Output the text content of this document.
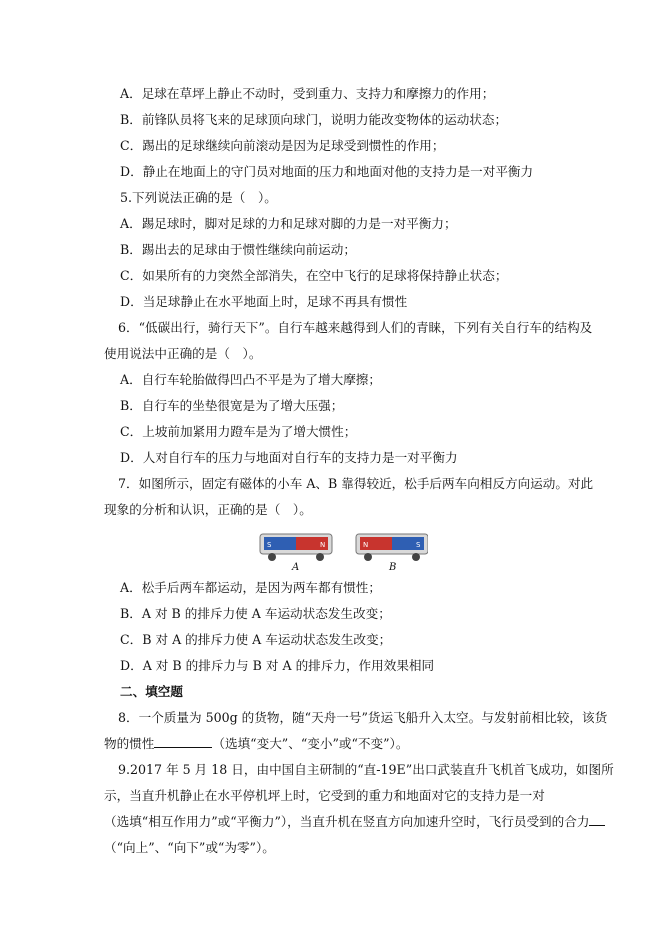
A．足球在草坪上静止不动时，受到重力、支持力和摩擦力的作用；
B．前锋队员将飞来的足球顶向球门，说明力能改变物体的运动状态；
C．踢出的足球继续向前滚动是因为足球受到惯性的作用；
D．静止在地面上的守门员对地面的压力和地面对他的支持力是一对平衡力
5.下列说法正确的是（　）。
A．踢足球时，脚对足球的力和足球对脚的力是一对平衡力；
B．踢出去的足球由于惯性继续向前运动；
C．如果所有的力突然全部消失，在空中飞行的足球将保持静止状态；
D．当足球静止在水平地面上时，足球不再具有惯性
6．“低碳出行，骑行天下”。自行车越来越得到人们的青睐，下列有关自行车的结构及
使用说法中正确的是（　）。
A．自行车轮胎做得凹凸不平是为了增大摩擦；
B．自行车的坐垫很宽是为了增大压强；
C．上坡前加紧用力蹬车是为了增大惯性；
D．人对自行车的压力与地面对自行车的支持力是一对平衡力
7．如图所示，固定有磁体的小车 A、B 靠得较近，松手后两车向相反方向运动。对此
现象的分析和认识，正确的是（　）。
S	N
A
N	S
B
A．松手后两车都运动，是因为两车都有惯性；
B．A 对 B 的排斥力使 A 车运动状态发生改变；
C．B 对 A 的排斥力使 A 车运动状态发生改变；
D．A 对 B 的排斥力与 B 对 A 的排斥力，作用效果相同
二、填空题
8．一个质量为 500g 的货物，随“天舟一号”货运飞船升入太空。与发射前相比较，该货
物的惯性	（选填“变大”、“变小”或“不变”）。
9.2017 年 5 月 18 日，由中国自主研制的“直-19E”出口武装直升飞机首飞成功，如图所
示，当直升机静止在水平停机坪上时，它受到的重力和地面对它的支持力是一对
（选填“相互作用力”或“平衡力”），当直升机在竖直方向加速升空时，飞行员受到的合力
（“向上”、“向下”或“为零”）。
